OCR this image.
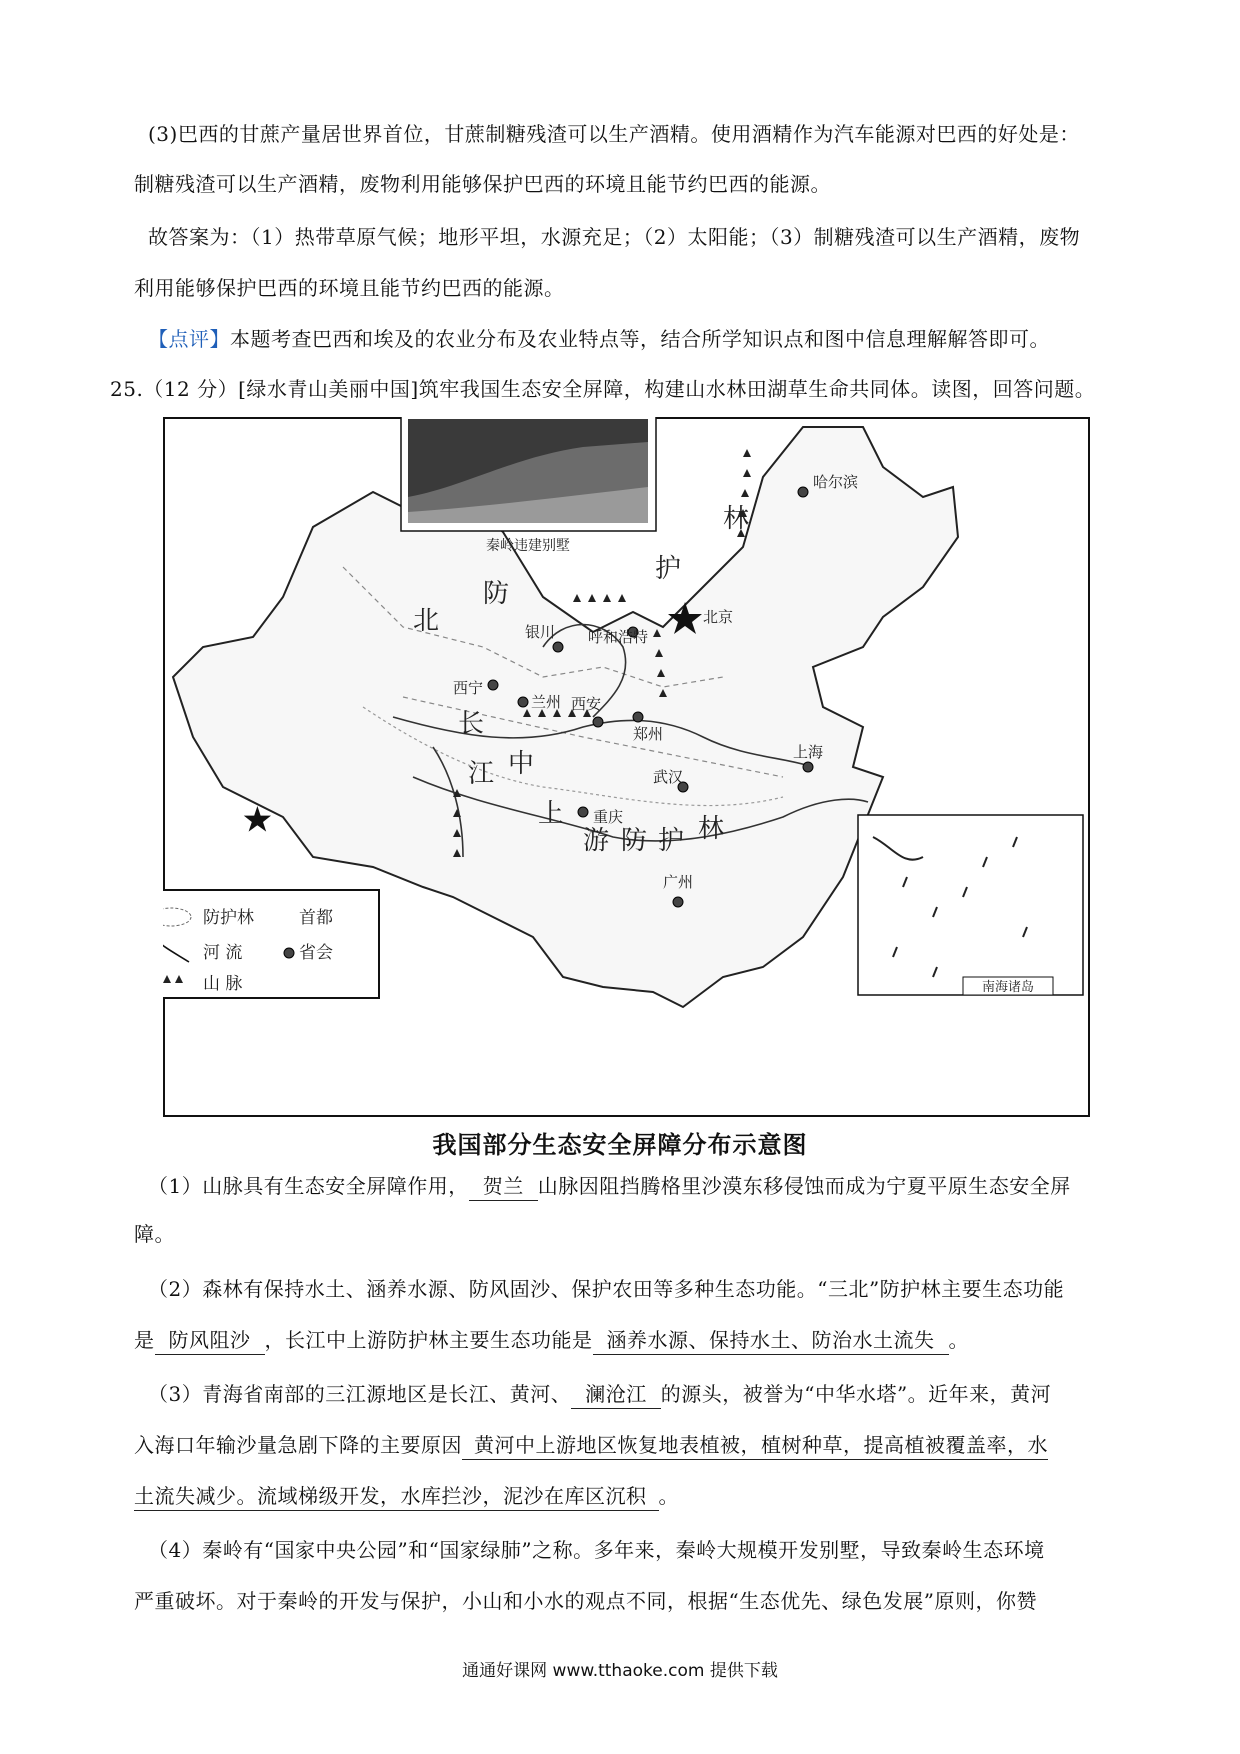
(3)巴西的甘蔗产量居世界首位，甘蔗制糖残渣可以生产酒精。使用酒精作为汽车能源对巴西的好处是：
制糖残渣可以生产酒精，废物利用能够保护巴西的环境且能节约巴西的能源。
故答案为：（1）热带草原气候；地形平坦，水源充足；（2）太阳能；（3）制糖残渣可以生产酒精，废物
利用能够保护巴西的环境且能节约巴西的能源。
【点评】本题考查巴西和埃及的农业分布及农业特点等，结合所学知识点和图中信息理解解答即可。
25.（12 分）[绿水青山美丽中国]筑牢我国生态安全屏障，构建山水林田湖草生命共同体。读图，回答问题。
秦岭违建别墅
北
防
护
林
长
江 中
上
游 防 护 林
哈尔滨
北京
呼和浩特
银川
西宁
兰州 西安
郑州
上海
武汉
重庆
广州
防护林	首都
河 流	省会
山 脉	南海诸岛
我国部分生态安全屏障分布示意图
（1）山脉具有生态安全屏障作用， 贺兰 山脉因阻挡腾格里沙漠东移侵蚀而成为宁夏平原生态安全屏
障。
（2）森林有保持水土、涵养水源、防风固沙、保护农田等多种生态功能。“三北”防护林主要生态功能
是 防风阻沙 ，长江中上游防护林主要生态功能是 涵养水源、保持水土、防治水土流失 。
（3）青海省南部的三江源地区是长江、黄河、 澜沧江 的源头，被誉为“中华水塔”。近年来，黄河
入海口年输沙量急剧下降的主要原因 黄河中上游地区恢复地表植被，植树种草，提高植被覆盖率，水
土流失减少。流域梯级开发，水库拦沙，泥沙在库区沉积 。
（4）秦岭有“国家中央公园”和“国家绿肺”之称。多年来，秦岭大规模开发别墅，导致秦岭生态环境
严重破坏。对于秦岭的开发与保护，小山和小水的观点不同，根据“生态优先、绿色发展”原则，你赞
通通好课网 www.tthaoke.com 提供下载
